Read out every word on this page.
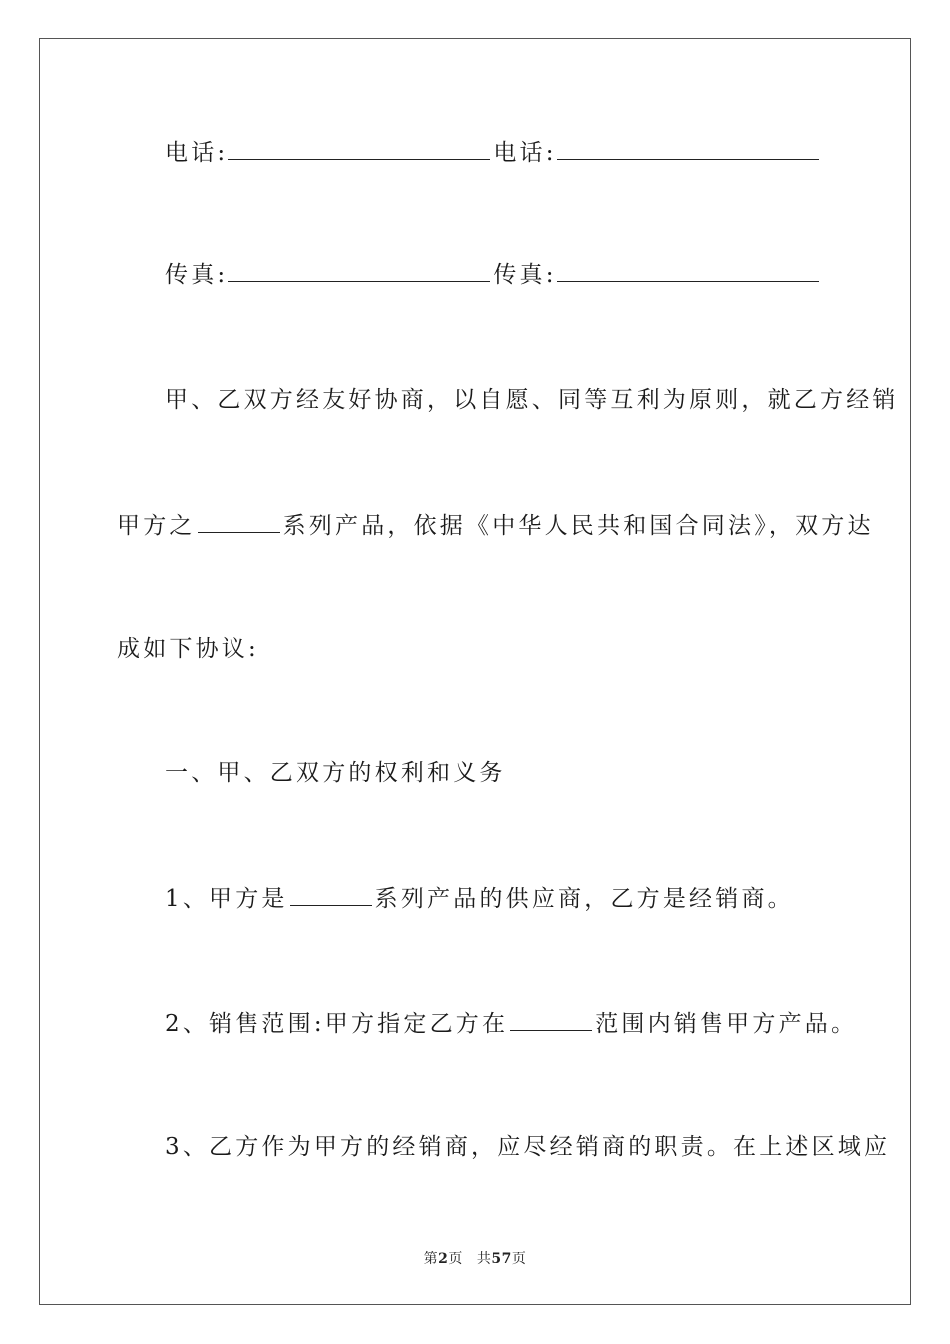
电话:	电话:
传真:	传真:
甲、乙双方经友好协商，以自愿、同等互利为原则，就乙方经销
甲方之	系列产品，依据《中华人民共和国合同法》，双方达
成如下协议:
一、甲、乙双方的权利和义务
1、甲方是	系列产品的供应商，乙方是经销商。
2、销售范围:甲方指定乙方在	范围内销售甲方产品。
3、乙方作为甲方的经销商，应尽经销商的职责。在上述区域应
第2页 共57页
